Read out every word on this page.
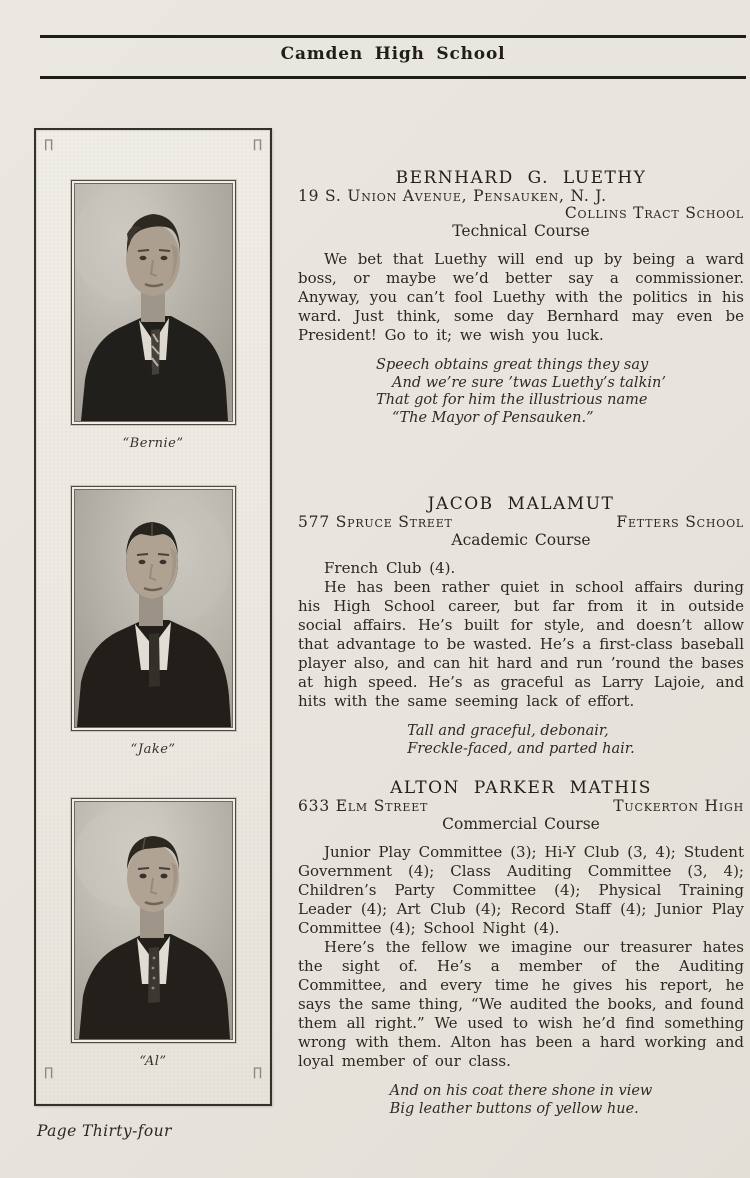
Camden High School
∏	∏
∏	∏
“Bernie”
“Jake”
“Al”
BERNHARD G. LUETHY
19 S. Union Avenue, Pensauken, N. J.
Collins Tract School
Technical Course

We bet that Luethy will end up by being a ward boss, or maybe we’d better say a commissioner. Anyway, you can’t fool Luethy with the politics in his ward. Just think, some day Bernhard may even be President! Go to it; we wish you luck.

Speech obtains great things they say
And we’re sure ’twas Luethy’s talkin’
That got for him the illustrious name
“The Mayor of Pensauken.”
JACOB MALAMUT
577 Spruce Street	Fetters School
Academic Course

French Club (4).

He has been rather quiet in school affairs during his High School career, but far from it in outside social affairs. He’s built for style, and doesn’t allow that advantage to be wasted. He’s a first-class baseball player also, and can hit hard and run ’round the bases at high speed. He’s as graceful as Larry Lajoie, and hits with the same seeming lack of effort.

Tall and graceful, debonair,
Freckle-faced, and parted hair.
ALTON PARKER MATHIS
633 Elm Street	Tuckerton High
Commercial Course

Junior Play Committee (3); Hi-Y Club (3, 4); Student Government (4); Class Auditing Committee (3, 4); Children’s Party Committee (4); Physical Training Leader (4); Art Club (4); Record Staff (4); Junior Play Committee (4); School Night (4).

Here’s the fellow we imagine our treasurer hates the sight of. He’s a member of the Auditing Committee, and every time he gives his report, he says the same thing, “We audited the books, and found them all right.” We used to wish he’d find something wrong with them. Alton has been a hard working and loyal member of our class.

And on his coat there shone in view
Big leather buttons of yellow hue.
Page Thirty-four
